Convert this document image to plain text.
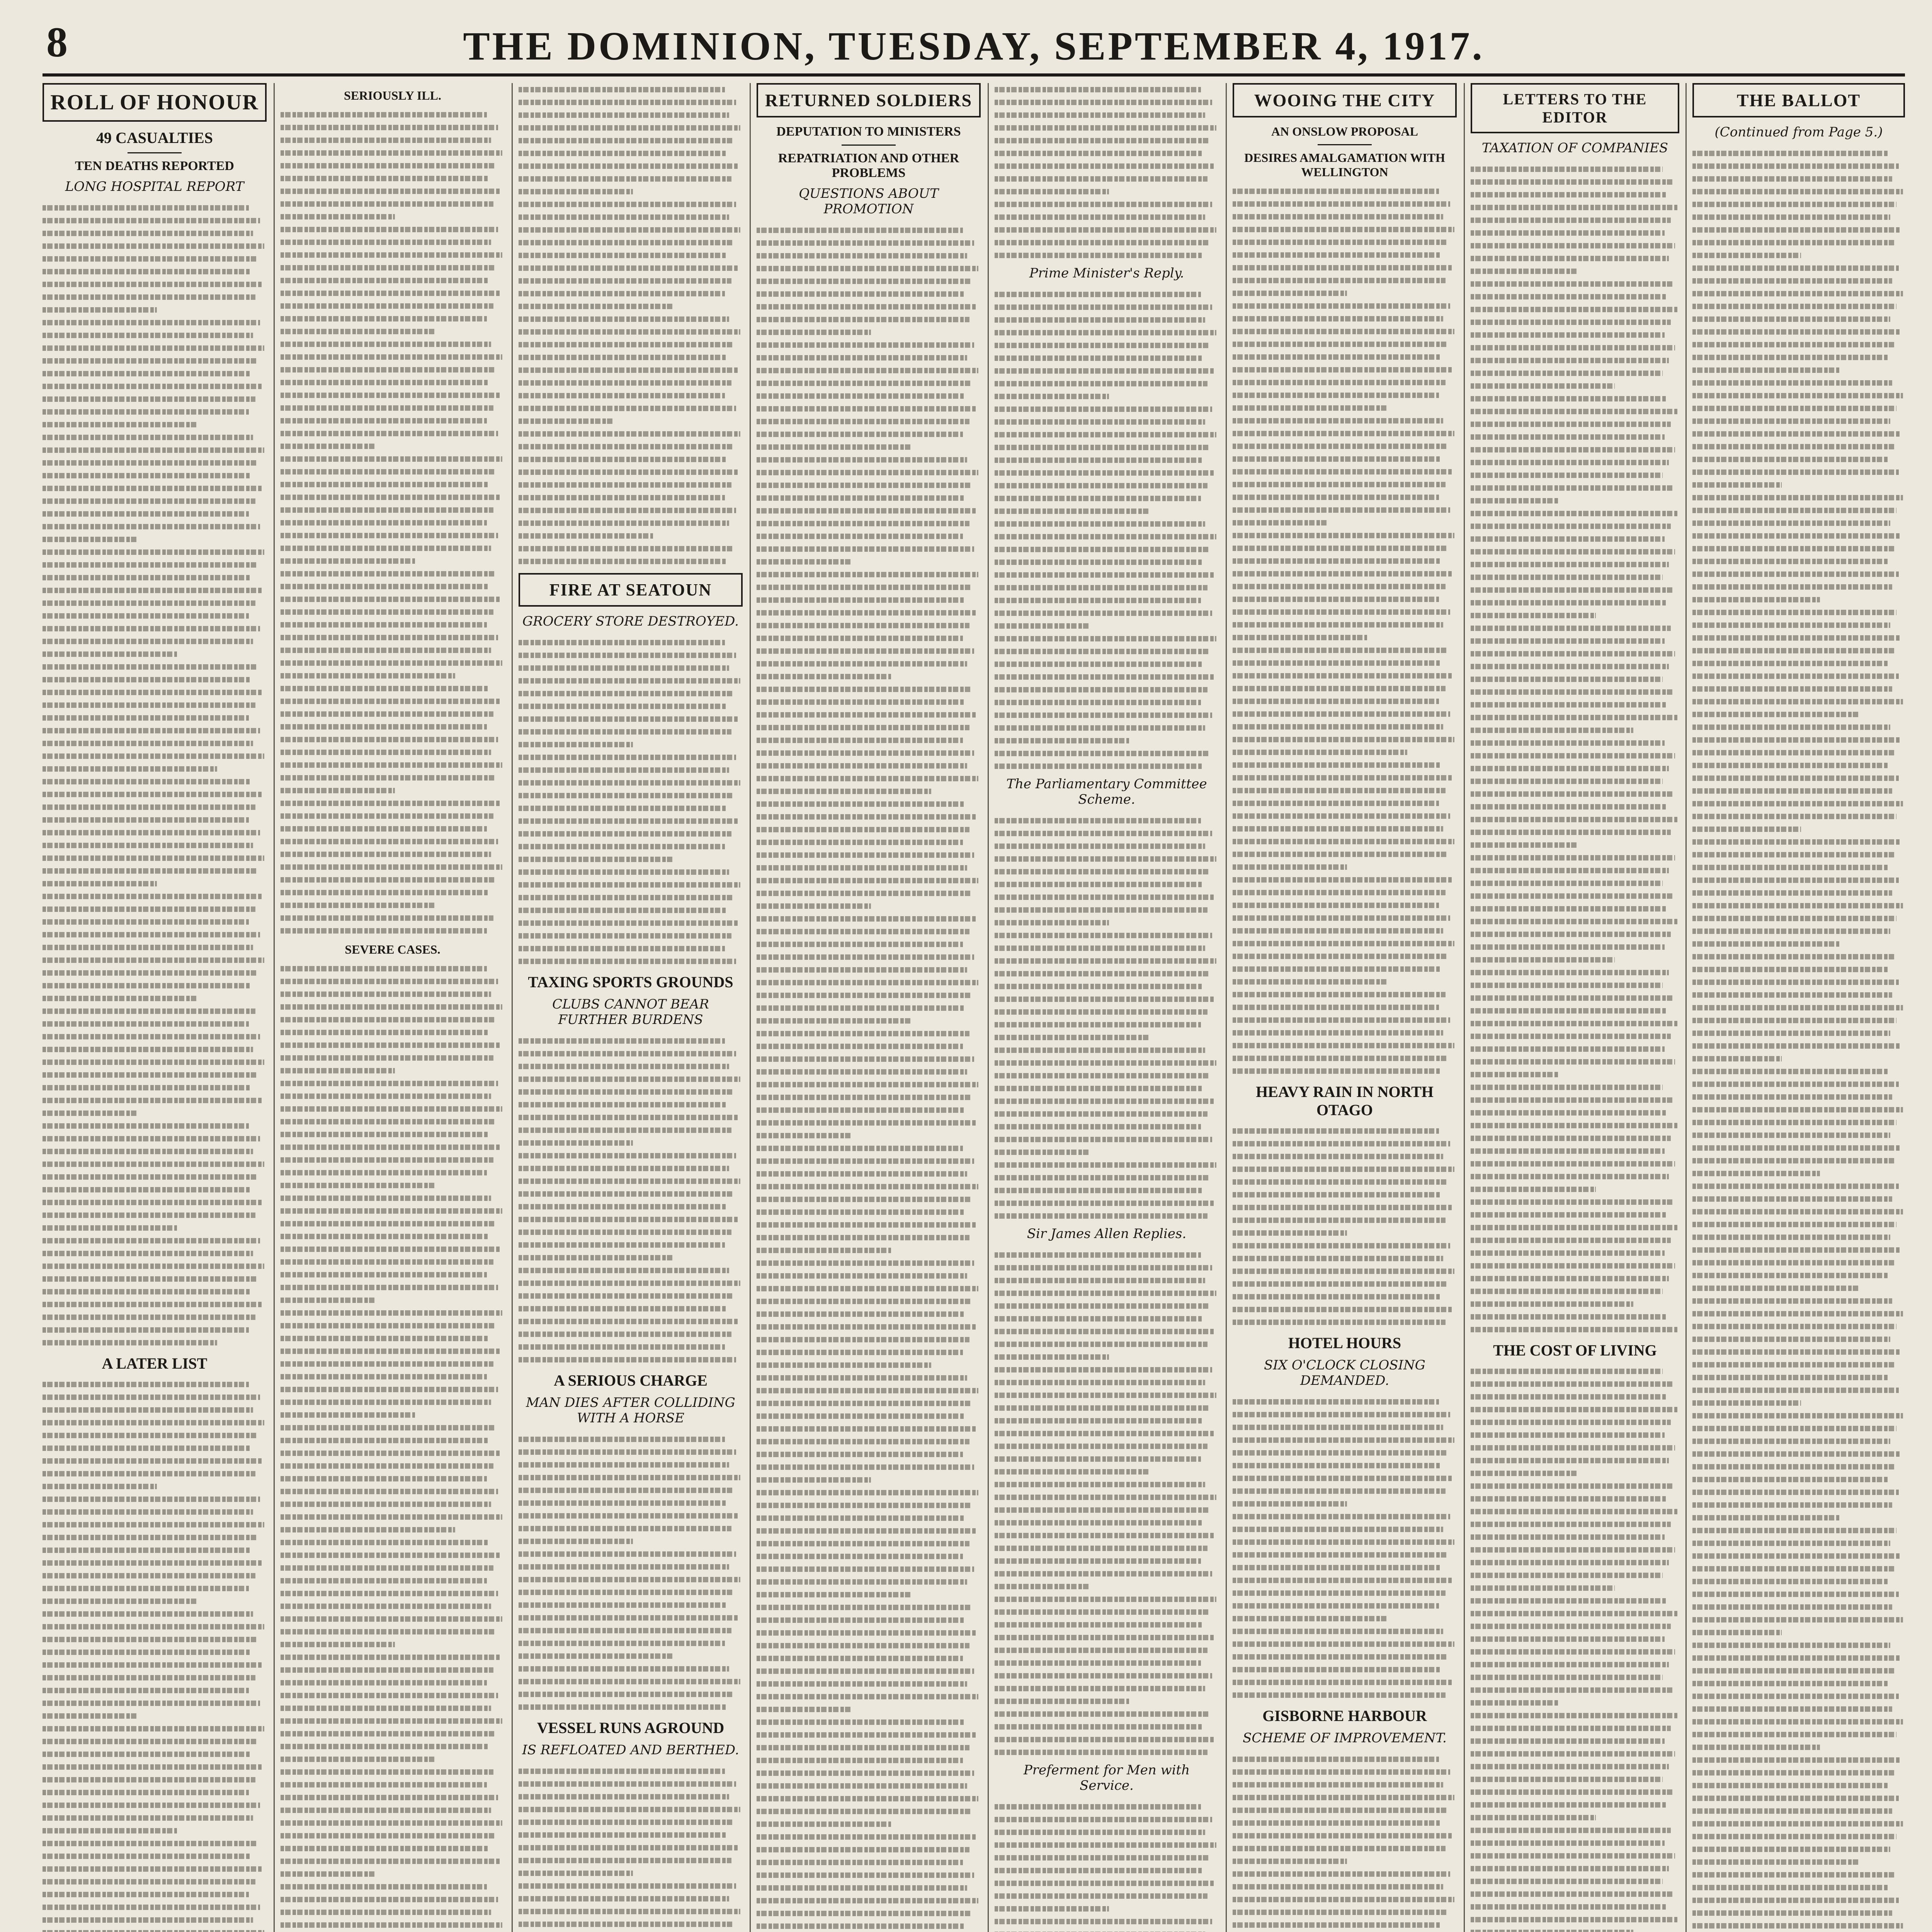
8	THE DOMINION, TUESDAY, SEPTEMBER 4, 1917.
ROLL OF HONOUR
49 CASUALTIES
TEN DEATHS REPORTED
LONG HOSPITAL REPORT
A LATER LIST
SERIOUSLY ILL.
SEVERE CASES.
FIRE AT SEATOUN
GROCERY STORE DESTROYED.
TAXING SPORTS GROUNDS
CLUBS CANNOT BEAR FURTHER BURDENS
A SERIOUS CHARGE
MAN DIES AFTER COLLIDING WITH A HORSE
VESSEL RUNS AGROUND
IS REFLOATED AND BERTHED.
RETURNED SOLDIERS
DEPUTATION TO MINISTERS
REPATRIATION AND OTHER PROBLEMS
QUESTIONS ABOUT PROMOTION
Prime Minister's Reply.
The Parliamentary Committee Scheme.
Sir James Allen Replies.
Preferment for Men with Service.
WOOING THE CITY
AN ONSLOW PROPOSAL
DESIRES AMALGAMATION WITH WELLINGTON
HEAVY RAIN IN NORTH OTAGO
HOTEL HOURS
SIX O'CLOCK CLOSING DEMANDED.
GISBORNE HARBOUR
SCHEME OF IMPROVEMENT.
LETTERS TO THE EDITOR
TAXATION OF COMPANIES
THE COST OF LIVING
THE BALLOT
(Continued from Page 5.)
